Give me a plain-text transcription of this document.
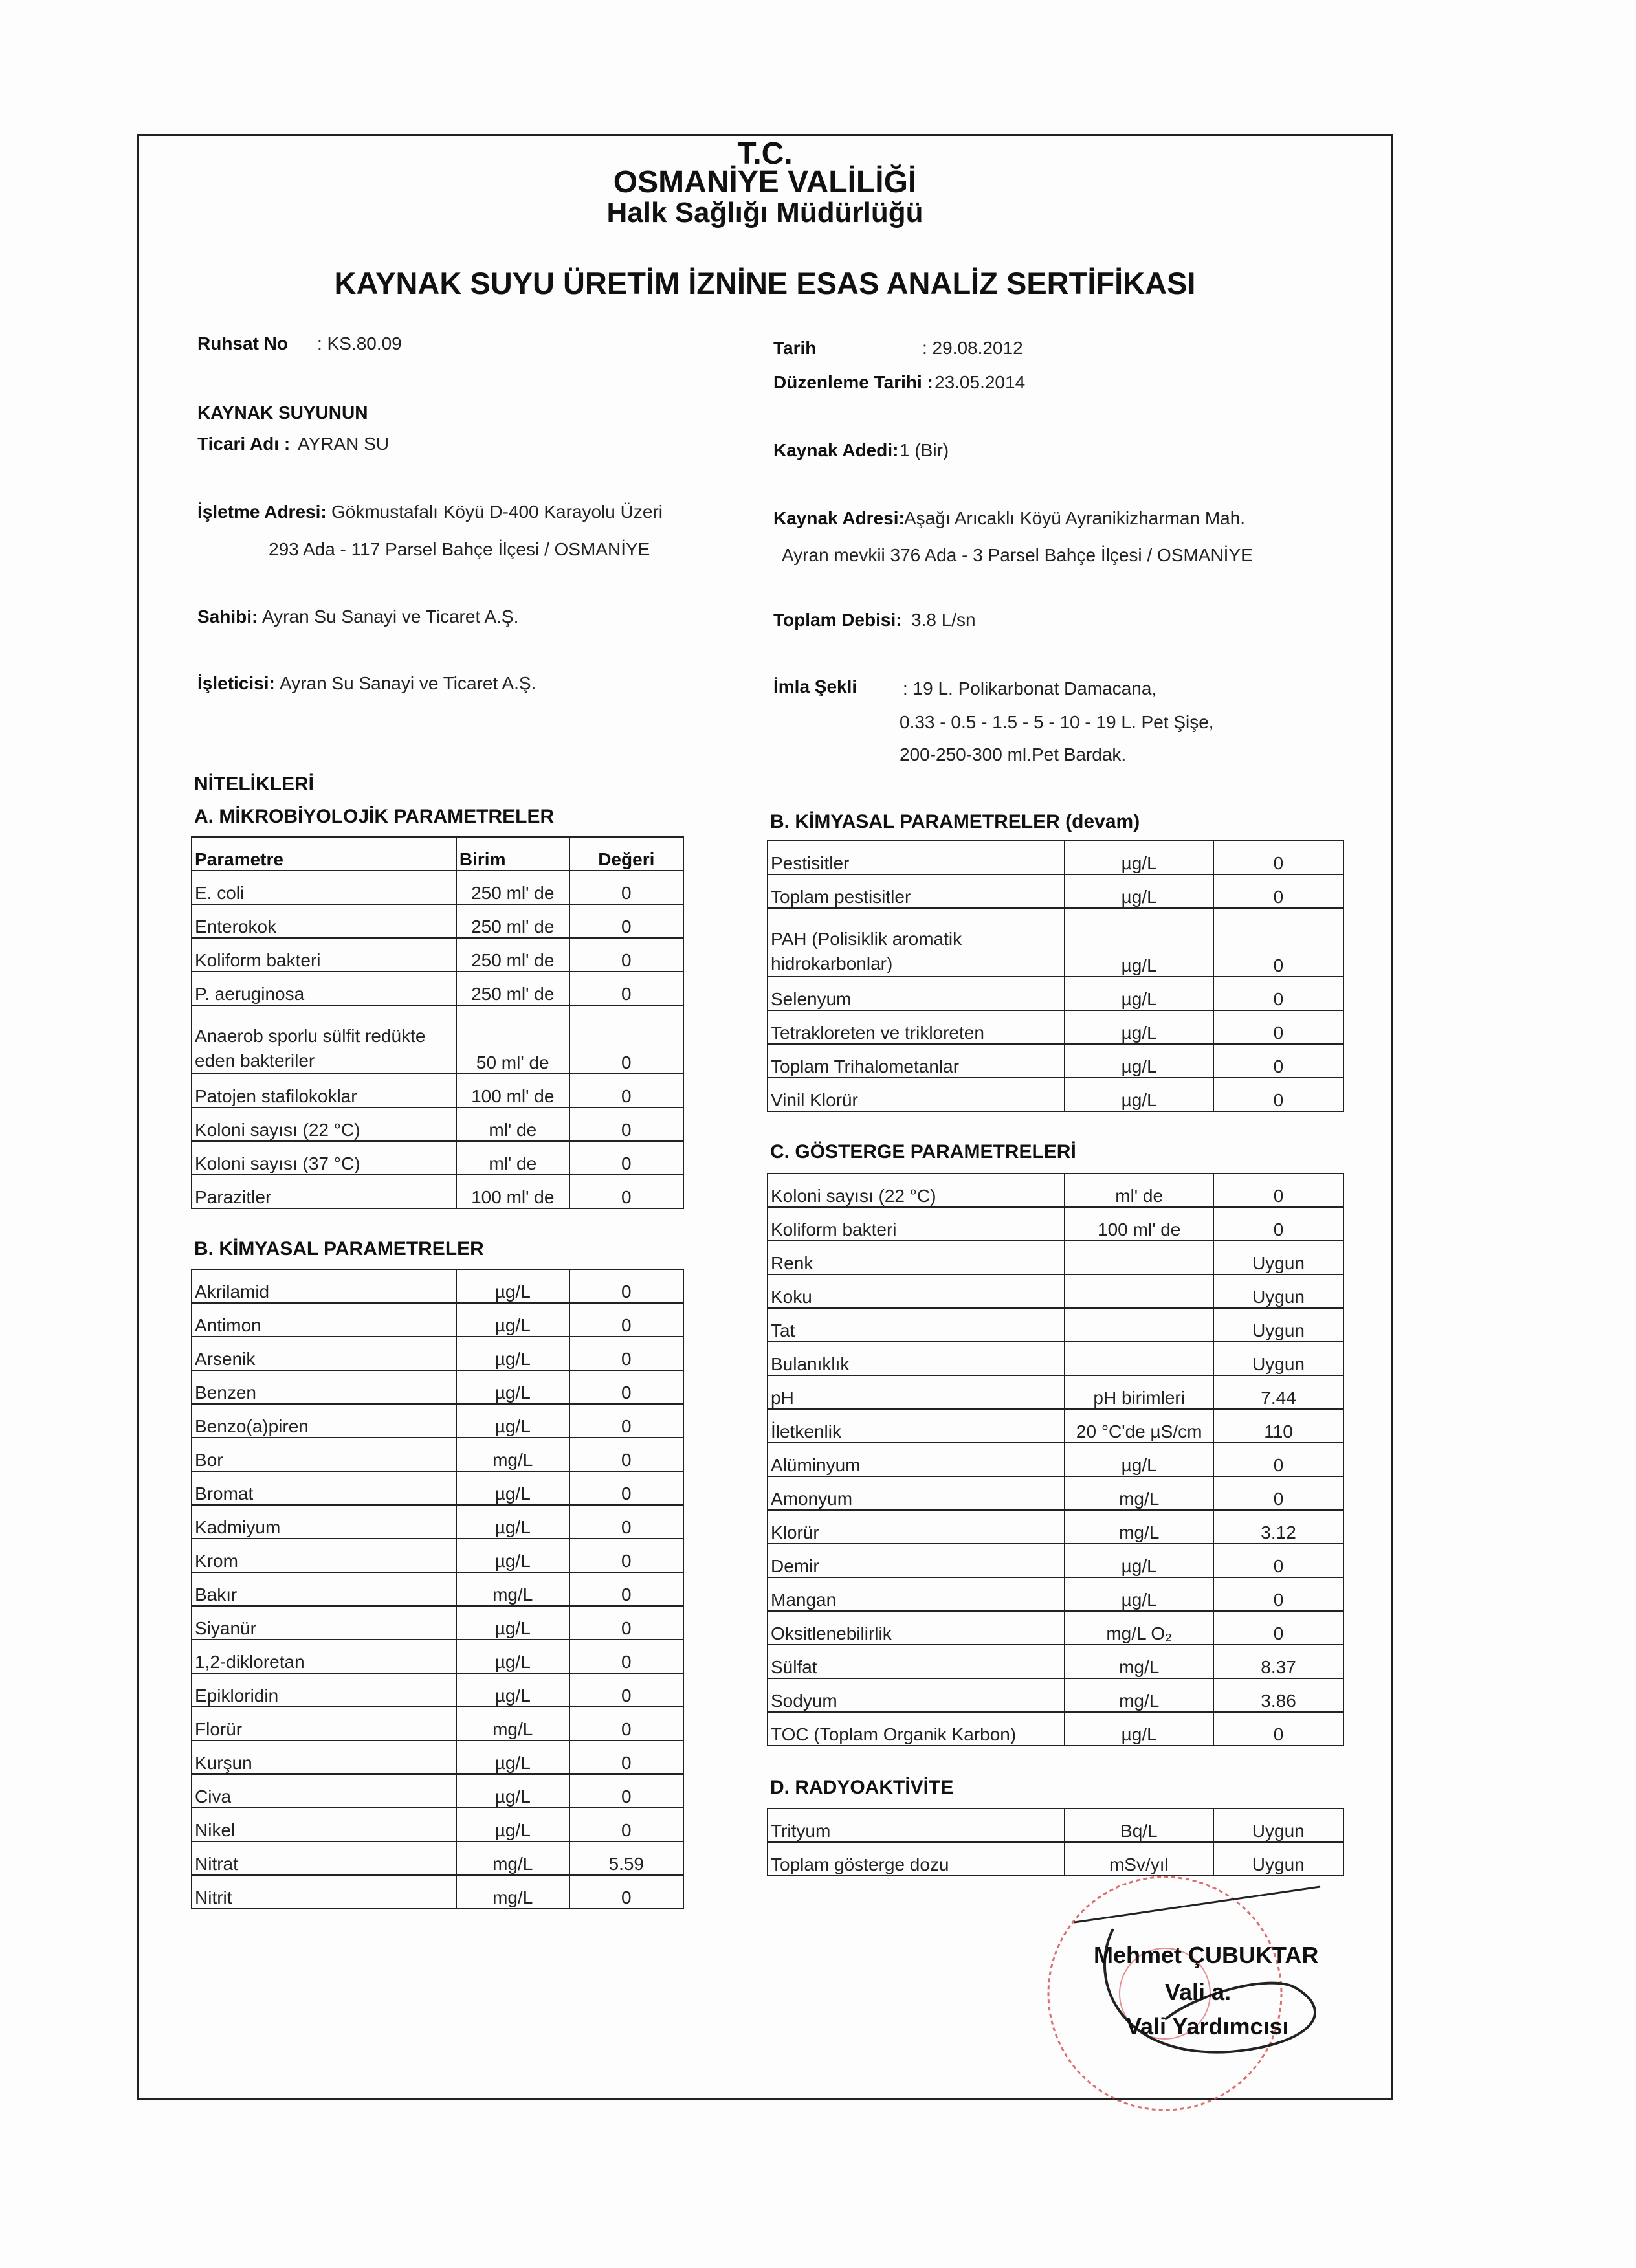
T.C.
OSMANİYE VALİLİĞİ
Halk Sağlığı Müdürlüğü
KAYNAK SUYU ÜRETİM İZNİNE ESAS ANALİZ SERTİFİKASI
Ruhsat No : KS.80.09
KAYNAK SUYUNUN
Ticari Adı : AYRAN SU
İşletme Adresi: Gökmustafalı Köyü D-400 Karayolu Üzeri
293 Ada - 117 Parsel Bahçe İlçesi / OSMANİYE
Sahibi: Ayran Su Sanayi ve Ticaret A.Ş.
İşleticisi: Ayran Su Sanayi ve Ticaret A.Ş.
Tarih	: 29.08.2012
Düzenleme Tarihi : 23.05.2014
Kaynak Adedi: 1 (Bir)
Kaynak Adresi: Aşağı Arıcaklı Köyü Ayranikizharman Mah.
Ayran mevkii 376 Ada - 3 Parsel Bahçe İlçesi / OSMANİYE
Toplam Debisi: 3.8 L/sn
İmla Şekli	: 19 L. Polikarbonat Damacana,
0.33 - 0.5 - 1.5 - 5 - 10 - 19 L. Pet Şişe,
200-250-300 ml.Pet Bardak.
NİTELİKLERİ
A. MİKROBİYOLOJİK PARAMETRELER
B. KİMYASAL PARAMETRELER
B. KİMYASAL PARAMETRELER (devam)
C. GÖSTERGE PARAMETRELERİ
D. RADYOAKTİVİTE
Parametre	Birim	Değeri
E. coli	250 ml' de	0
Enterokok	250 ml' de	0
Koliform bakteri	250 ml' de	0
P. aeruginosa	250 ml' de	0
Anaerob sporlu sülfit redükte eden bakteriler	50 ml' de	0
Patojen stafilokoklar	100 ml' de	0
Koloni sayısı (22 °C)	ml' de	0
Koloni sayısı (37 °C)	ml' de	0
Parazitler	100 ml' de	0
Akrilamid	µg/L	0
Antimon	µg/L	0
Arsenik	µg/L	0
Benzen	µg/L	0
Benzo(a)piren	µg/L	0
Bor	mg/L	0
Bromat	µg/L	0
Kadmiyum	µg/L	0
Krom	µg/L	0
Bakır	mg/L	0
Siyanür	µg/L	0
1,2-dikloretan	µg/L	0
Epikloridin	µg/L	0
Florür	mg/L	0
Kurşun	µg/L	0
Civa	µg/L	0
Nikel	µg/L	0
Nitrat	mg/L	5.59
Nitrit	mg/L	0
Pestisitler	µg/L	0
Toplam pestisitler	µg/L	0
PAH (Polisiklik aromatik hidrokarbonlar)	µg/L	0
Selenyum	µg/L	0
Tetrakloreten ve trikloreten	µg/L	0
Toplam Trihalometanlar	µg/L	0
Vinil Klorür	µg/L	0
Koloni sayısı (22 °C)	ml' de	0
Koliform bakteri	100 ml' de	0
Renk		Uygun
Koku		Uygun
Tat		Uygun
Bulanıklık		Uygun
pH	pH birimleri	7.44
İletkenlik	20 °C'de µS/cm	110
Alüminyum	µg/L	0
Amonyum	mg/L	0
Klorür	mg/L	3.12
Demir	µg/L	0
Mangan	µg/L	0
Oksitlenebilirlik	mg/L O₂	0
Sülfat	mg/L	8.37
Sodyum	mg/L	3.86
TOC (Toplam Organik Karbon)	µg/L	0
Trityum	Bq/L	Uygun
Toplam gösterge dozu	mSv/yıl	Uygun
Mehmet ÇUBUKTAR
Vali a.
Vali Yardımcısı
